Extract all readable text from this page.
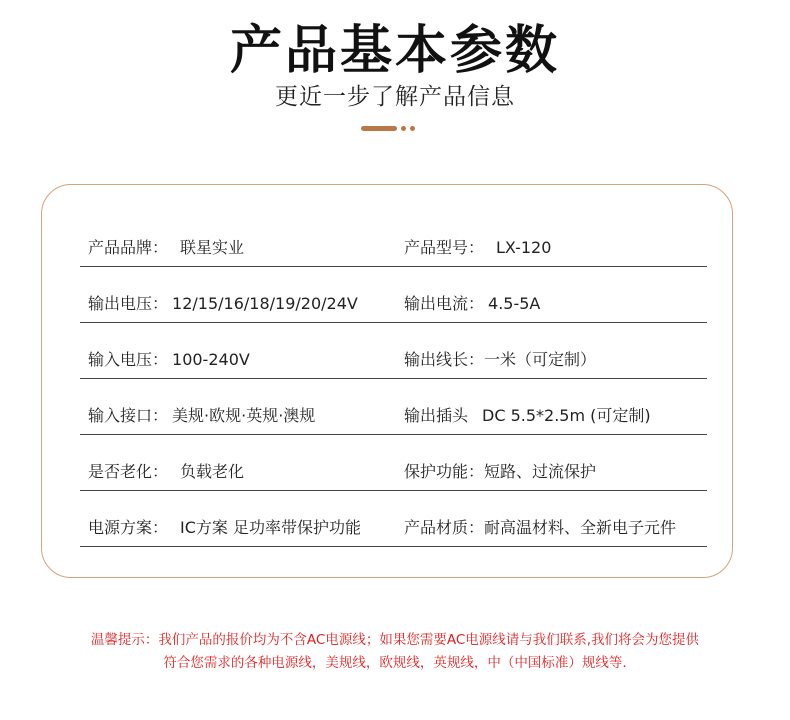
产品基本参数
更近一步了解产品信息
产品品牌： 联星实业	产品型号： LX-120
输出电压： 12/15/16/18/19/20/24V	输出电流： 4.5-5A
输入电压： 100-240V	输出线长：一米（可定制）
输入接口： 美规·欧规·英规·澳规	输出插头 DC 5.5*2.5m (可定制)
是否老化： 负载老化	保护功能：短路、过流保护
电源方案： IC方案 足功率带保护功能	产品材质：耐高温材料、全新电子元件
温馨提示：我们产品的报价均为不含AC电源线；如果您需要AC电源线请与我们联系,我们将会为您提供
符合您需求的各种电源线，美规线，欧规线，英规线，中（中国标准）规线等.
